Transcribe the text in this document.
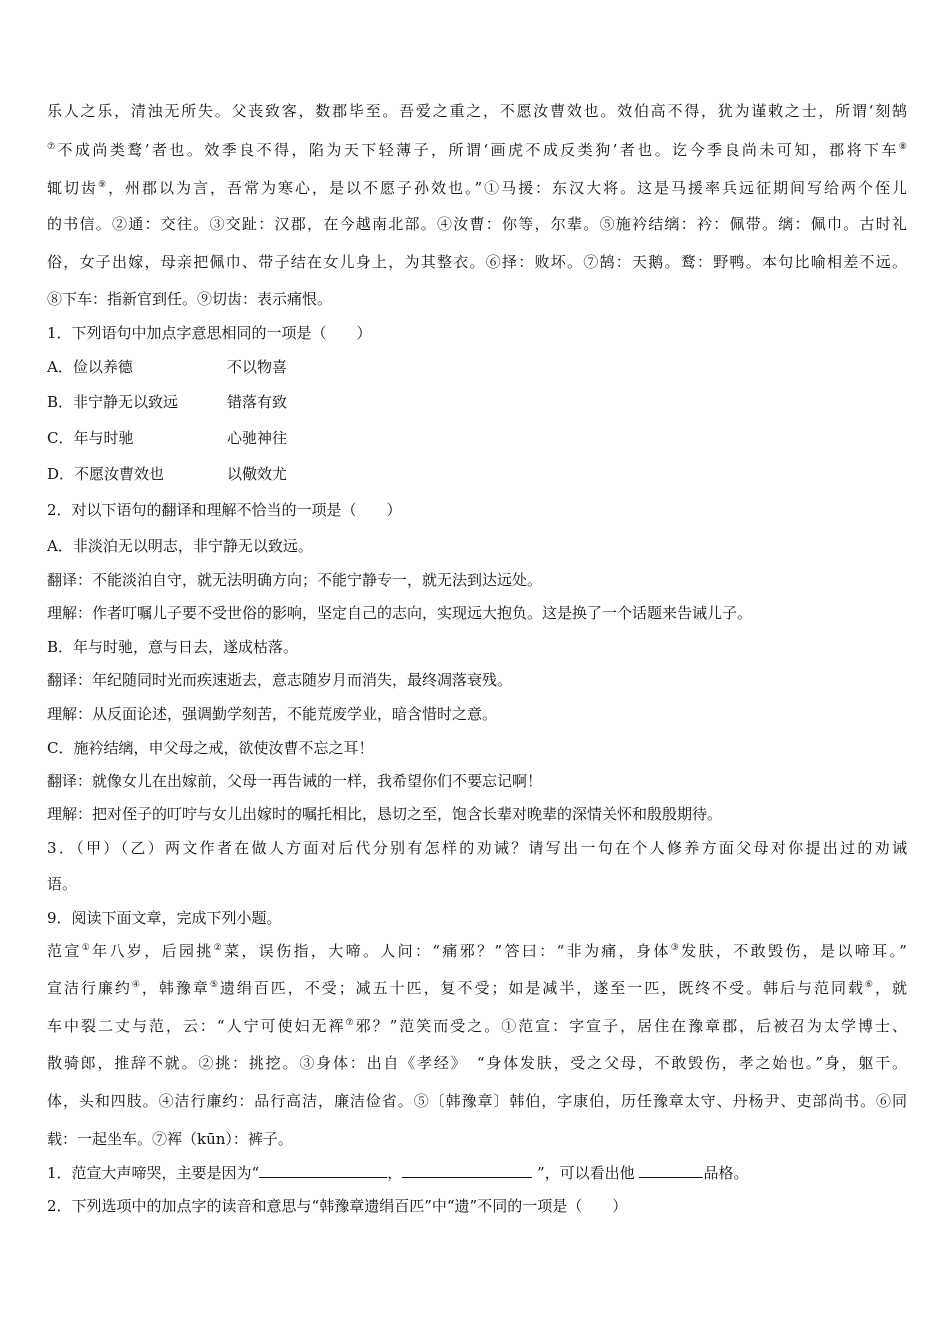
乐人之乐，清浊无所失。父丧致客，数郡毕至。吾爱之重之，不愿汝曹效也。效伯高不得，犹为谨敕之士，所谓‘刻鹄
⑦不成尚类鹜’者也。效季良不得，陷为天下轻薄子，所谓‘画虎不成反类狗’者也。讫今季良尚未可知，郡将下车⑧
辄切齿⑨，州郡以为言，吾常为寒心，是以不愿子孙效也。”①马援：东汉大将。这是马援率兵远征期间写给两个侄儿
的书信。②通：交往。③交趾：汉郡，在今越南北部。④汝曹：你等，尔辈。⑤施衿结缡：衿：佩带。缡：佩巾。古时礼
俗，女子出嫁，母亲把佩巾、带子结在女儿身上，为其整衣。⑥择：败坏。⑦鹄：天鹅。鹜：野鸭。本句比喻相差不远。
⑧下车：指新官到任。⑨切齿：表示痛恨。
1．下列语句中加点字意思相同的一项是（　　）
A．俭以养德	不以物喜
B．非宁静无以致远	错落有致
C．年与时驰	心驰神往
D．不愿汝曹效也	以儆效尤
2．对以下语句的翻译和理解不恰当的一项是（　　）
A．非淡泊无以明志，非宁静无以致远。
翻译：不能淡泊自守，就无法明确方向；不能宁静专一，就无法到达远处。
理解：作者叮嘱儿子要不受世俗的影响，坚定自己的志向，实现远大抱负。这是换了一个话题来告诫儿子。
B．年与时驰，意与日去，遂成枯落。
翻译：年纪随同时光而疾速逝去，意志随岁月而消失，最终凋落衰残。
理解：从反面论述，强调勤学刻苦，不能荒废学业，暗含惜时之意。
C．施衿结缡，申父母之戒，欲使汝曹不忘之耳！
翻译：就像女儿在出嫁前，父母一再告诫的一样，我希望你们不要忘记啊！
理解：把对侄子的叮咛与女儿出嫁时的嘱托相比，恳切之至，饱含长辈对晚辈的深情关怀和殷殷期待。
3．（甲）（乙）两文作者在做人方面对后代分别有怎样的劝诫？请写出一句在个人修养方面父母对你提出过的劝诫
语。
9．阅读下面文章，完成下列小题。
范宣①年八岁，后园挑②菜，误伤指，大啼。人问：“痛邪？”答曰：“非为痛，身体③发肤，不敢毁伤，是以啼耳。”
宣洁行廉约④，韩豫章⑤遗绢百匹，不受；减五十匹，复不受；如是减半，遂至一匹，既终不受。韩后与范同载⑥，就
车中裂二丈与范，云：“人宁可使妇无裈⑦邪？”范笑而受之。①范宣：字宣子，居住在豫章郡，后被召为太学博士、
散骑郎，推辞不就。②挑：挑挖。③身体：出自《孝经》　“身体发肤，受之父母，不敢毁伤，孝之始也。”身，躯干。
体，头和四肢。④洁行廉约：品行高洁，廉洁俭省。⑤〔韩豫章〕韩伯，字康伯，历任豫章太守、丹杨尹、吏部尚书。⑥同
载：一起坐车。⑦裈（kūn）：裤子。
1．范宣大声啼哭，主要是因为“	，	”，可以看出他	品格。
2．下列选项中的加点字的读音和意思与“韩豫章遗绢百匹”中“遗”不同的一项是（　　）
